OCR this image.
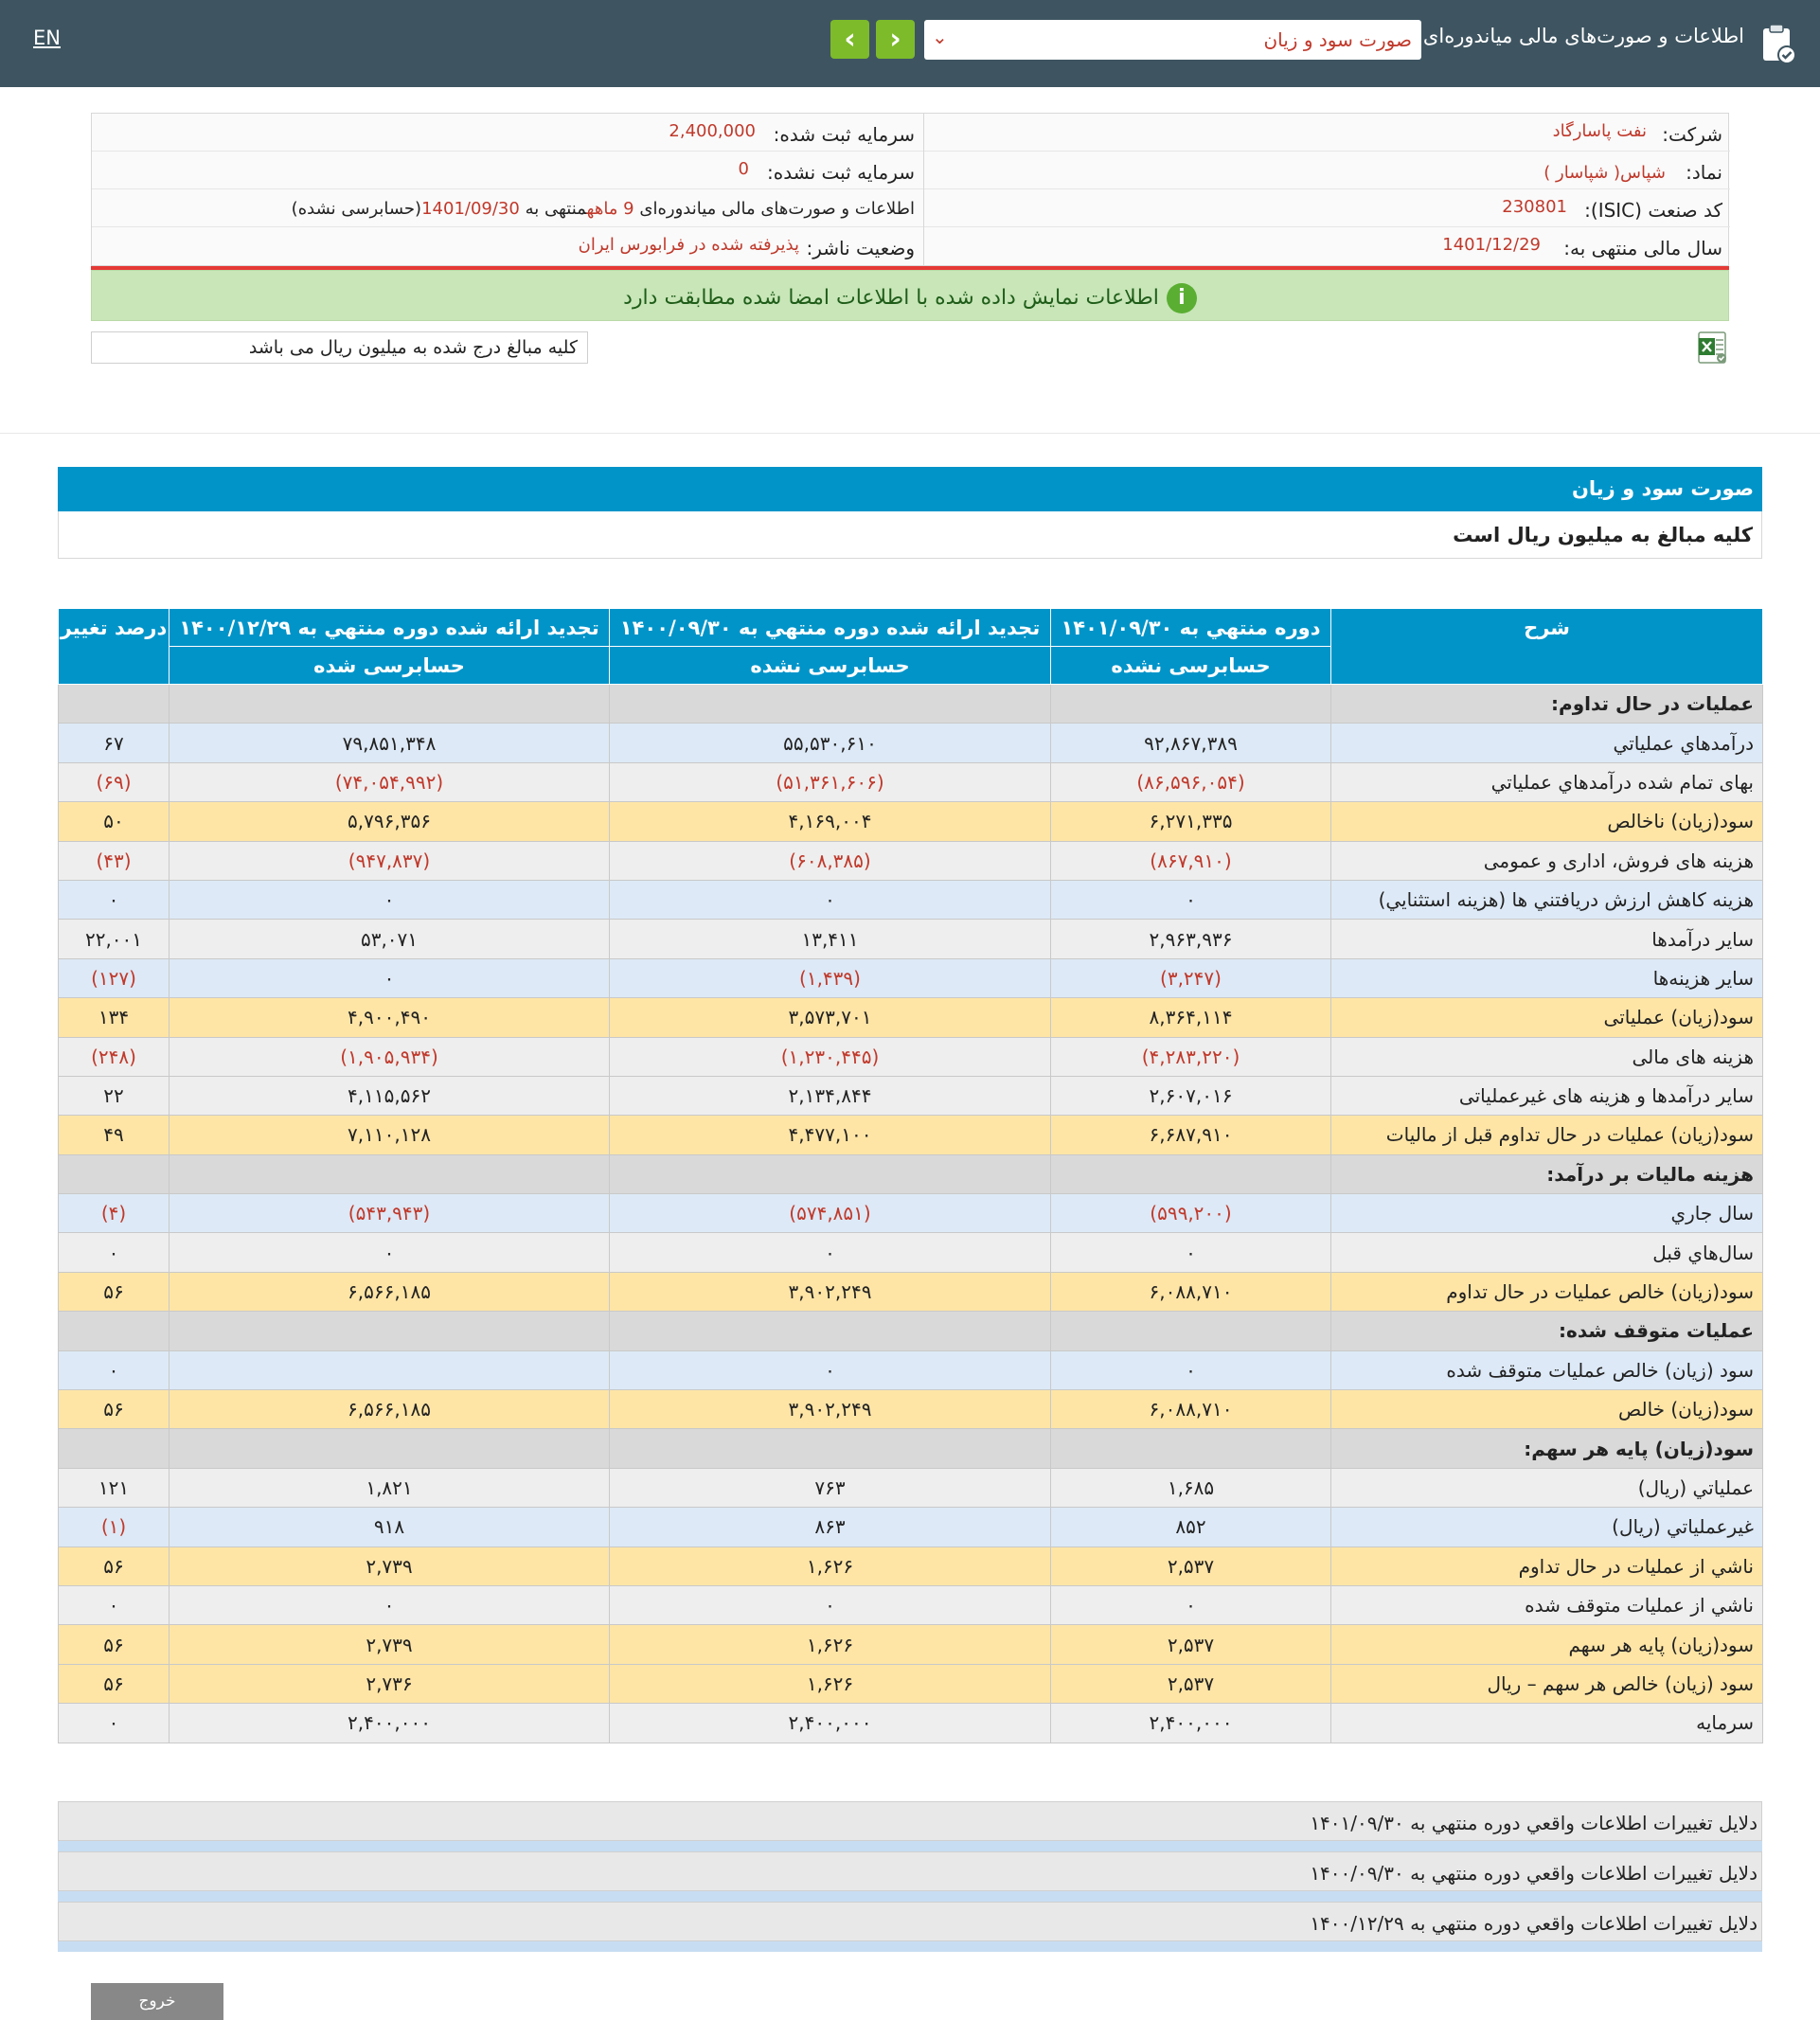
EN	‹ ›	صورت سود و زيان
⌄	اطلاعات و صورت‌های مالی میاندوره‌ای
شرکت:
نفت پاسارگاد
سرمایه ثبت شده:
2,400,000
نماد:
شپاس( شپاسار )
سرمایه ثبت نشده:
0
کد صنعت (ISIC):
230801
اطلاعات و صورت‌های مالی میاندوره‌ای 9 ماههمنتهی به 1401/09/30(حسابرسی نشده)
سال مالی منتهی به:
1401/12/29
وضعیت ناشر:
پذیرفته شده در فرابورس ایران
iاطلاعات نمایش داده شده با اطلاعات امضا شده مطابقت دارد
کلیه مبالغ درج شده به میلیون ریال می باشد
صورت سود و زيان
كليه مبالغ به ميليون ريال است
شرح	دوره منتهي به ۱۴۰۱/۰۹/۳۰	تجديد ارائه شده دوره منتهي به ۱۴۰۰/۰۹/۳۰	تجديد ارائه شده دوره منتهي به ۱۴۰۰/۱۲/۲۹	درصد تغيير
	حسابرسی نشده	حسابرسی نشده	حسابرسی شده	
عمليات در حال تداوم:				
درآمدهاي عملياتي	۹۲,۸۶۷,۳۸۹	۵۵,۵۳۰,۶۱۰	۷۹,۸۵۱,۳۴۸	۶۷
بهاى تمام شده درآمدهاي عملياتي	(۸۶,۵۹۶,۰۵۴)	(۵۱,۳۶۱,۶۰۶)	(۷۴,۰۵۴,۹۹۲)	(۶۹)
سود(زيان) ناخالص	۶,۲۷۱,۳۳۵	۴,۱۶۹,۰۰۴	۵,۷۹۶,۳۵۶	۵۰
هزينه هاى فروش، ادارى و عمومى	(۸۶۷,۹۱۰)	(۶۰۸,۳۸۵)	(۹۴۷,۸۳۷)	(۴۳)
هزينه کاهش ارزش دريافتني ها (هزينه استثنايي)	۰	۰	۰	۰
ساير درآمدها	۲,۹۶۳,۹۳۶	۱۳,۴۱۱	۵۳,۰۷۱	۲۲,۰۰۱
ساير هزينه‌ها	(۳,۲۴۷)	(۱,۴۳۹)	۰	(۱۲۷)
سود(زيان) عملياتى	۸,۳۶۴,۱۱۴	۳,۵۷۳,۷۰۱	۴,۹۰۰,۴۹۰	۱۳۴
هزينه هاى مالى	(۴,۲۸۳,۲۲۰)	(۱,۲۳۰,۴۴۵)	(۱,۹۰۵,۹۳۴)	(۲۴۸)
ساير درآمدها و هزينه هاى غيرعملياتى	۲,۶۰۷,۰۱۶	۲,۱۳۴,۸۴۴	۴,۱۱۵,۵۶۲	۲۲
سود(زيان) عمليات در حال تداوم قبل از ماليات	۶,۶۸۷,۹۱۰	۴,۴۷۷,۱۰۰	۷,۱۱۰,۱۲۸	۴۹
هزينه ماليات بر درآمد:				
سال جاري	(۵۹۹,۲۰۰)	(۵۷۴,۸۵۱)	(۵۴۳,۹۴۳)	(۴)
سال‌هاي قبل	۰	۰	۰	۰
سود(زيان) خالص عمليات در حال تداوم	۶,۰۸۸,۷۱۰	۳,۹۰۲,۲۴۹	۶,۵۶۶,۱۸۵	۵۶
عمليات متوقف شده:				
سود (زيان) خالص عمليات متوقف شده	۰	۰		۰
سود(زيان) خالص	۶,۰۸۸,۷۱۰	۳,۹۰۲,۲۴۹	۶,۵۶۶,۱۸۵	۵۶
سود(زيان) پايه هر سهم:				
عملياتي (ريال)	۱,۶۸۵	۷۶۳	۱,۸۲۱	۱۲۱
غيرعملياتي (ريال)	۸۵۲	۸۶۳	۹۱۸	(۱)
ناشي از عمليات در حال تداوم	۲,۵۳۷	۱,۶۲۶	۲,۷۳۹	۵۶
ناشي از عمليات متوقف شده	۰	۰	۰	۰
سود(زيان) پايه هر سهم	۲,۵۳۷	۱,۶۲۶	۲,۷۳۹	۵۶
سود (زيان) خالص هر سهم – ريال	۲,۵۳۷	۱,۶۲۶	۲,۷۳۶	۵۶
سرمايه	۲,۴۰۰,۰۰۰	۲,۴۰۰,۰۰۰	۲,۴۰۰,۰۰۰	۰
دلایل تغییرات اطلاعات واقعي دوره منتهي به ۱۴۰۱/۰۹/۳۰
دلایل تغییرات اطلاعات واقعي دوره منتهي به ۱۴۰۰/۰۹/۳۰
دلایل تغییرات اطلاعات واقعي دوره منتهي به ۱۴۰۰/۱۲/۲۹
خروج
